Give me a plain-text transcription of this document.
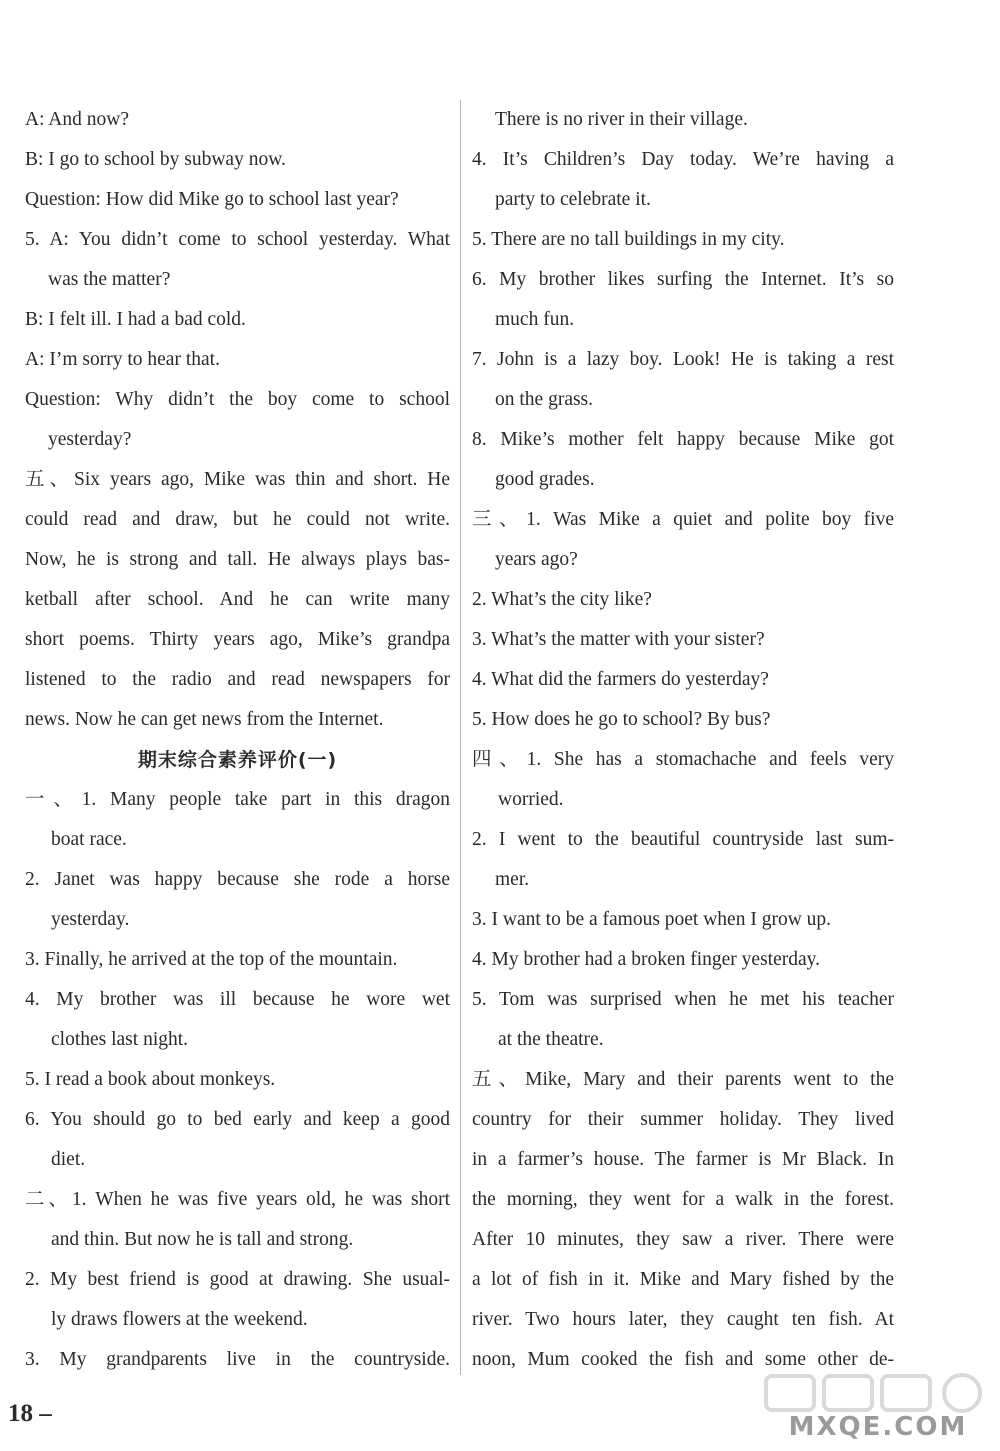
A: And now?
B: I go to school by subway now.
Question: How did Mike go to school last year?
5. A: You didn’t come to school yesterday. What
was the matter?
B: I felt ill. I had a bad cold.
A: I’m sorry to hear that.
Question: Why didn’t the boy come to school
yesterday?
五、Six years ago, Mike was thin and short. He
could read and draw, but he could not write.
Now, he is strong and tall. He always plays bas-
ketball after school. And he can write many
short poems. Thirty years ago, Mike’s grandpa
listened to the radio and read newspapers for
news. Now he can get news from the Internet.
期末综合素养评价(一)
一、1. Many people take part in this dragon
boat race.
2. Janet was happy because she rode a horse
yesterday.
3. Finally, he arrived at the top of the mountain.
4. My brother was ill because he wore wet
clothes last night.
5. I read a book about monkeys.
6. You should go to bed early and keep a good
diet.
二、1. When he was five years old, he was short
and thin. But now he is tall and strong.
2. My best friend is good at drawing. She usual-
ly draws flowers at the weekend.
3. My grandparents live in the countryside.
There is no river in their village.
4. It’s Children’s Day today. We’re having a
party to celebrate it.
5. There are no tall buildings in my city.
6. My brother likes surfing the Internet. It’s so
much fun.
7. John is a lazy boy. Look! He is taking a rest
on the grass.
8. Mike’s mother felt happy because Mike got
good grades.
三、1. Was Mike a quiet and polite boy five
years ago?
2. What’s the city like?
3. What’s the matter with your sister?
4. What did the farmers do yesterday?
5. How does he go to school? By bus?
四、1. She has a stomachache and feels very
worried.
2. I went to the beautiful countryside last sum-
mer.
3. I want to be a famous poet when I grow up.
4. My brother had a broken finger yesterday.
5. Tom was surprised when he met his teacher
at the theatre.
五、Mike, Mary and their parents went to the
country for their summer holiday. They lived
in a farmer’s house. The farmer is Mr Black. In
the morning, they went for a walk in the forest.
After 10 minutes, they saw a river. There were
a lot of fish in it. Mike and Mary fished by the
river. Two hours later, they caught ten fish. At
noon, Mum cooked the fish and some other de-
18 –	MXQE.COM
